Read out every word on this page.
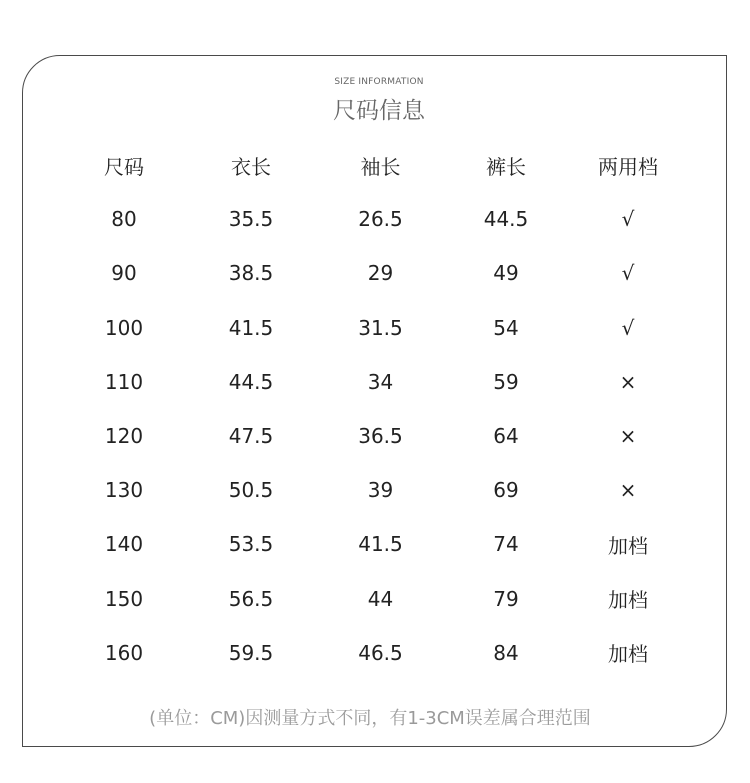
SIZE INFORMATION
尺码信息
尺码	衣长	袖长	裤长	两用档
80	35.5	26.5	44.5	√
90	38.5	29	49	√
100	41.5	31.5	54	√
110	44.5	34	59	×
120	47.5	36.5	64	×
130	50.5	39	69	×
140	53.5	41.5	74	加档
150	56.5	44	79	加档
160	59.5	46.5	84	加档
(单位：CM)因测量方式不同，有1-3CM误差属合理范围
